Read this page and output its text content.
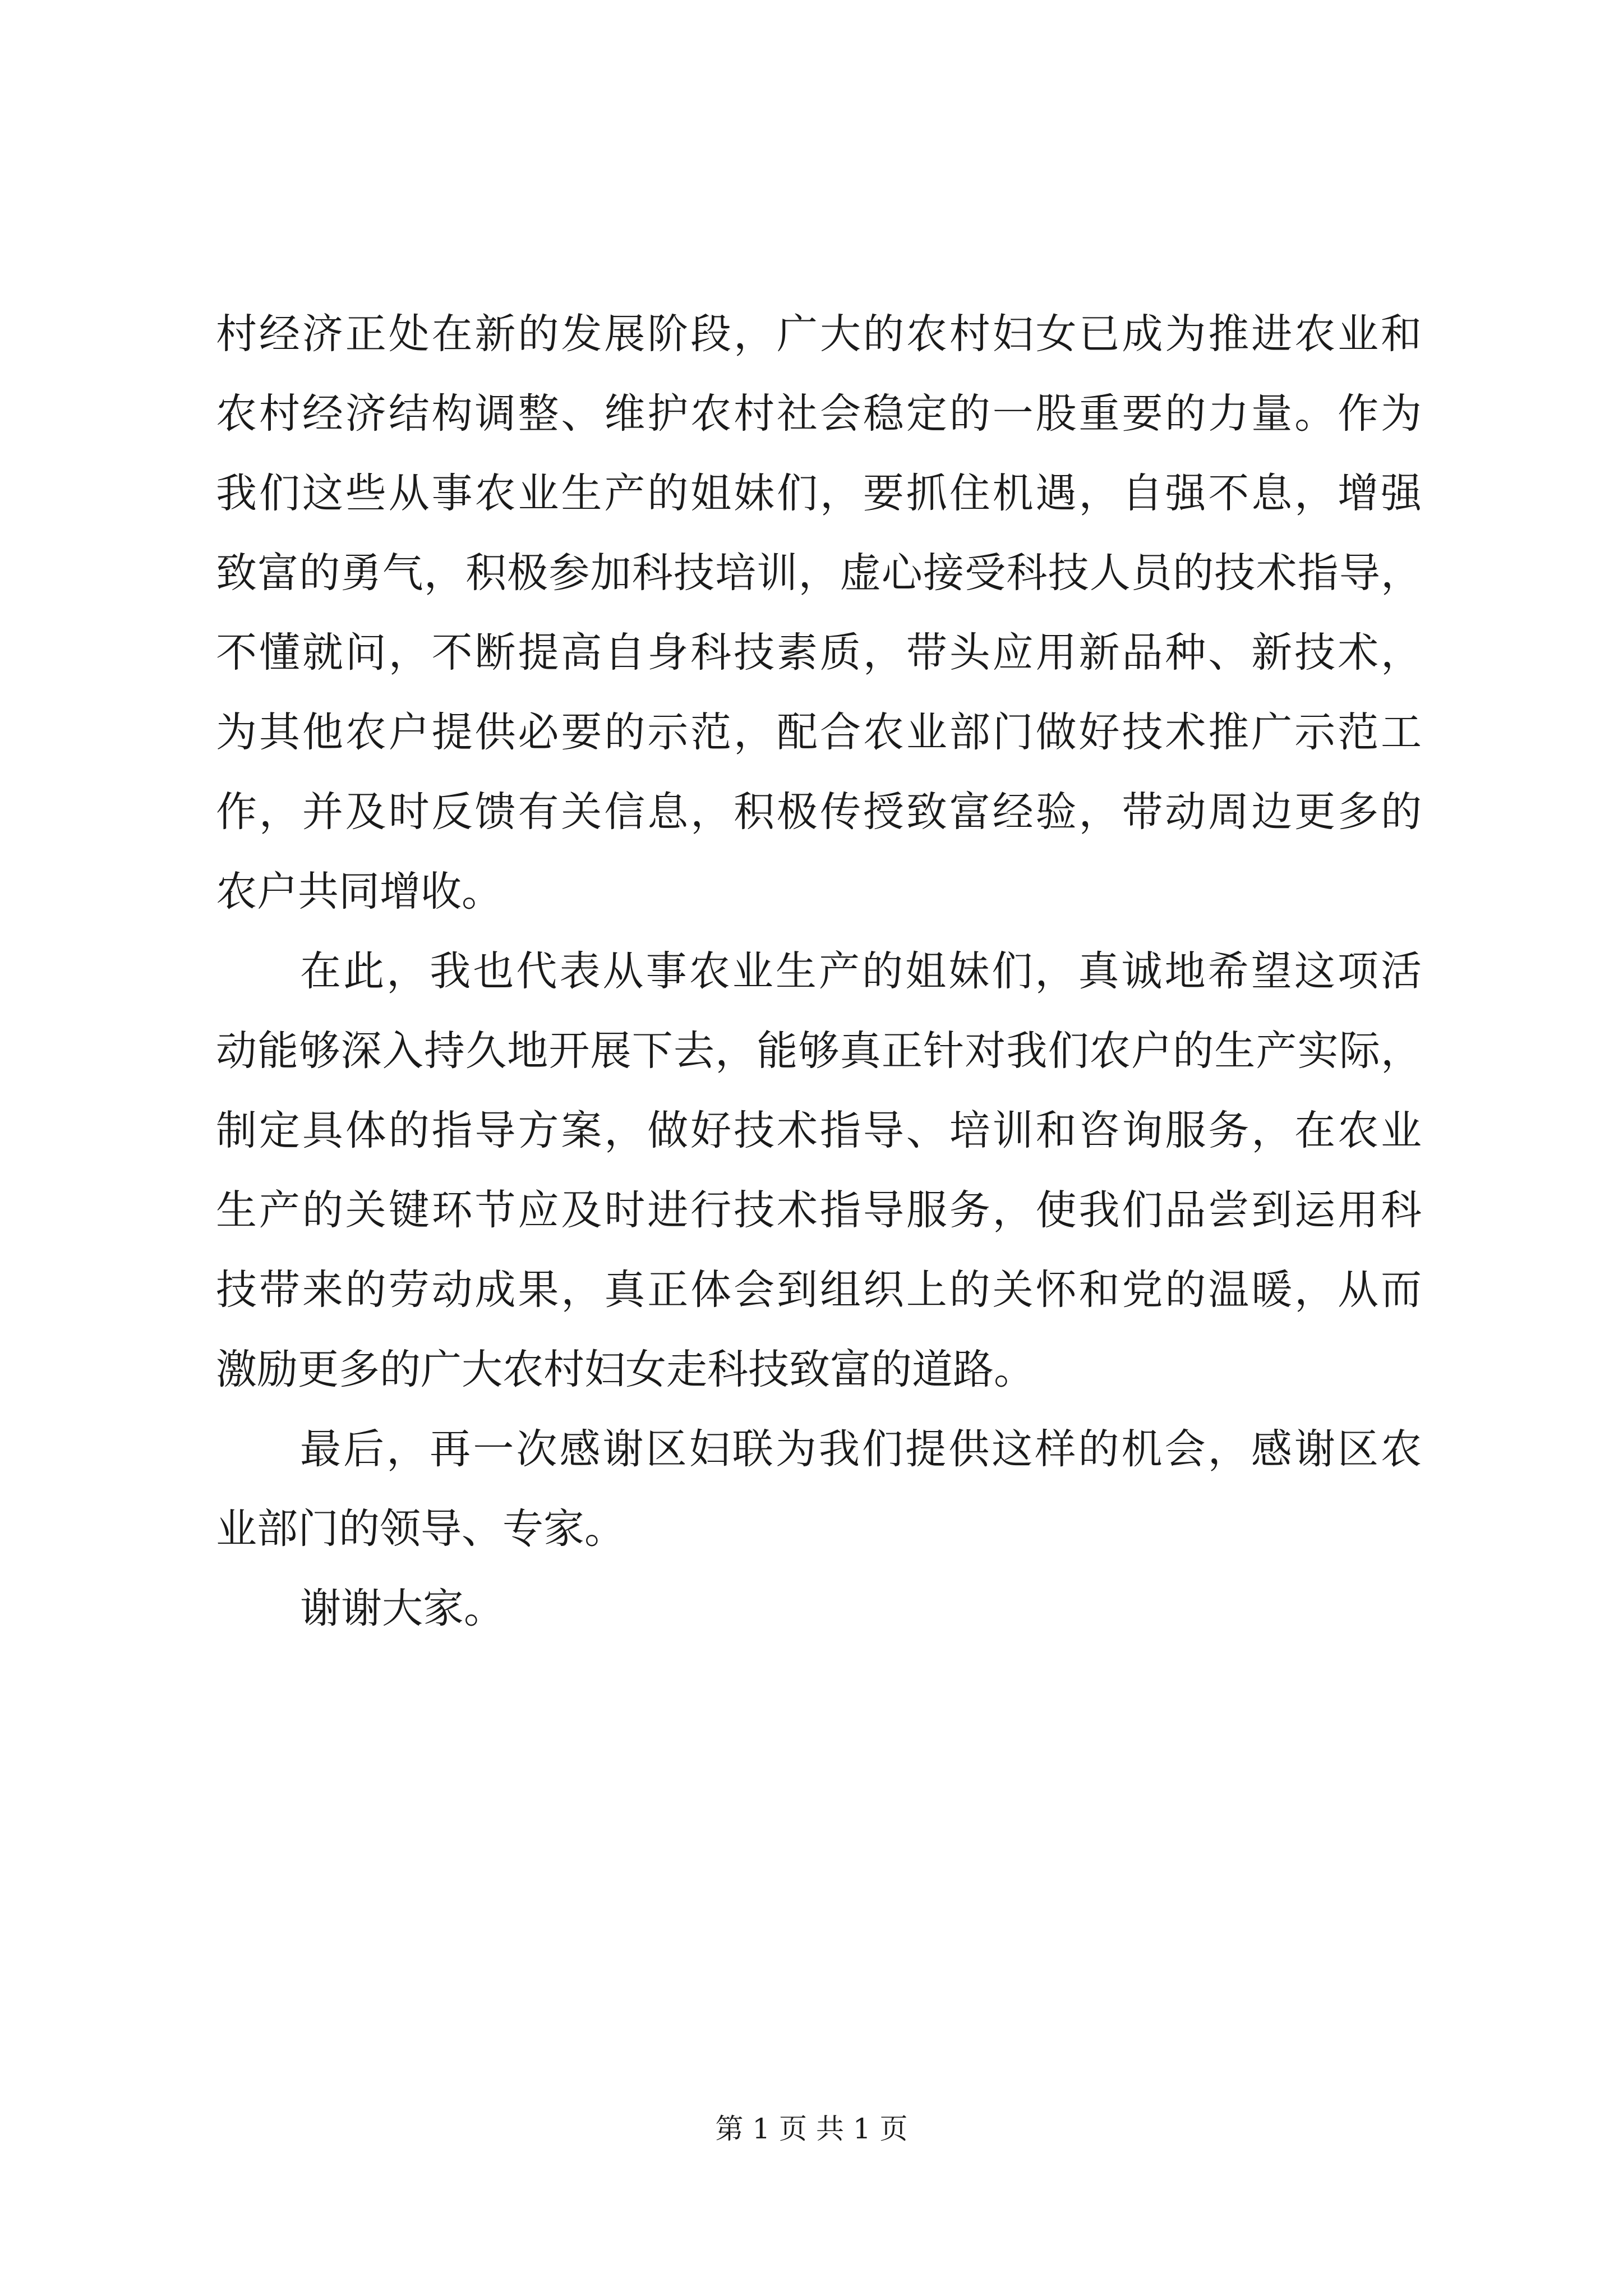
村经济正处在新的发展阶段，广大的农村妇女已成为推进农业和
农村经济结构调整、维护农村社会稳定的一股重要的力量。作为
我们这些从事农业生产的姐妹们，要抓住机遇，自强不息，增强
致富的勇气，积极参加科技培训，虚心接受科技人员的技术指导，
不懂就问，不断提高自身科技素质，带头应用新品种、新技术，
为其他农户提供必要的示范，配合农业部门做好技术推广示范工
作，并及时反馈有关信息，积极传授致富经验，带动周边更多的
农户共同增收。
在此，我也代表从事农业生产的姐妹们，真诚地希望这项活
动能够深入持久地开展下去，能够真正针对我们农户的生产实际，
制定具体的指导方案，做好技术指导、培训和咨询服务，在农业
生产的关键环节应及时进行技术指导服务，使我们品尝到运用科
技带来的劳动成果，真正体会到组织上的关怀和党的温暖，从而
激励更多的广大农村妇女走科技致富的道路。
最后，再一次感谢区妇联为我们提供这样的机会，感谢区农
业部门的领导、专家。
谢谢大家。
第 1 页 共 1 页
